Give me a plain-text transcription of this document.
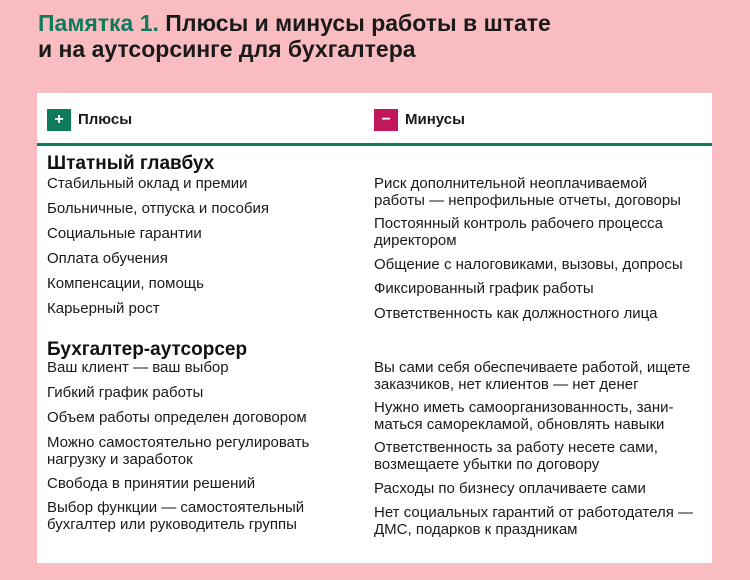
Памятка 1. Плюсы и минусы работы в штате
и на аутсорсинге для бухгалтера
+ Плюсы	− Минусы
Штатный главбух
Стабильный оклад и премии
Больничные, отпуска и пособия
Социальные гарантии
Оплата обучения
Компенсации, помощь
Карьерный рост
Риск дополнительной неоплачиваемой
работы — непрофильные отчеты, договоры
Постоянный контроль рабочего процесса
директором
Общение с налоговиками, вызовы, допросы
Фиксированный график работы
Ответственность как должностного лица
Бухгалтер-аутсорсер
Ваш клиент — ваш выбор
Гибкий график работы
Объем работы определен договором
Можно самостоятельно регулировать
нагрузку и заработок
Свобода в принятии решений
Выбор функции — самостоятельный
бухгалтер или руководитель группы
Вы сами себя обеспечиваете работой, ищете
заказчиков, нет клиентов — нет денег
Нужно иметь самоорганизованность, зани-
маться саморекламой, обновлять навыки
Ответственность за работу несете сами,
возмещаете убытки по договору
Расходы по бизнесу оплачиваете сами
Нет социальных гарантий от работодателя —
ДМС, подарков к праздникам
